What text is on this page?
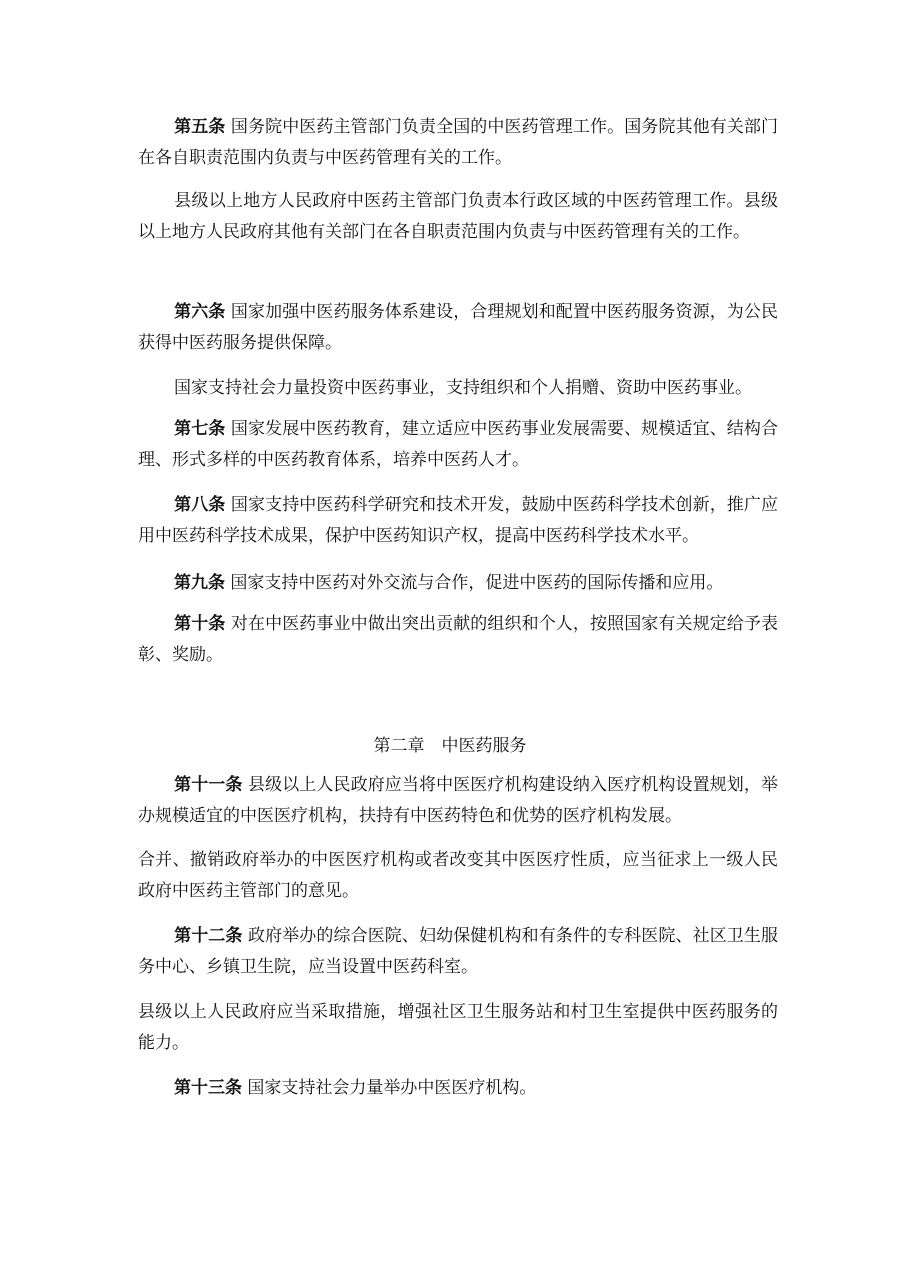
第五条 国务院中医药主管部门负责全国的中医药管理工作。国务院其他有关部门在各自职责范围内负责与中医药管理有关的工作。

县级以上地方人民政府中医药主管部门负责本行政区域的中医药管理工作。县级以上地方人民政府其他有关部门在各自职责范围内负责与中医药管理有关的工作。

第六条 国家加强中医药服务体系建设，合理规划和配置中医药服务资源，为公民获得中医药服务提供保障。

国家支持社会力量投资中医药事业，支持组织和个人捐赠、资助中医药事业。

第七条 国家发展中医药教育，建立适应中医药事业发展需要、规模适宜、结构合理、形式多样的中医药教育体系，培养中医药人才。

第八条 国家支持中医药科学研究和技术开发，鼓励中医药科学技术创新，推广应用中医药科学技术成果，保护中医药知识产权，提高中医药科学技术水平。

第九条 国家支持中医药对外交流与合作，促进中医药的国际传播和应用。

第十条 对在中医药事业中做出突出贡献的组织和个人，按照国家有关规定给予表彰、奖励。

第二章　中医药服务

第十一条 县级以上人民政府应当将中医医疗机构建设纳入医疗机构设置规划，举办规模适宜的中医医疗机构，扶持有中医药特色和优势的医疗机构发展。

合并、撤销政府举办的中医医疗机构或者改变其中医医疗性质，应当征求上一级人民政府中医药主管部门的意见。

第十二条 政府举办的综合医院、妇幼保健机构和有条件的专科医院、社区卫生服务中心、乡镇卫生院，应当设置中医药科室。

县级以上人民政府应当采取措施，增强社区卫生服务站和村卫生室提供中医药服务的能力。

第十三条 国家支持社会力量举办中医医疗机构。
